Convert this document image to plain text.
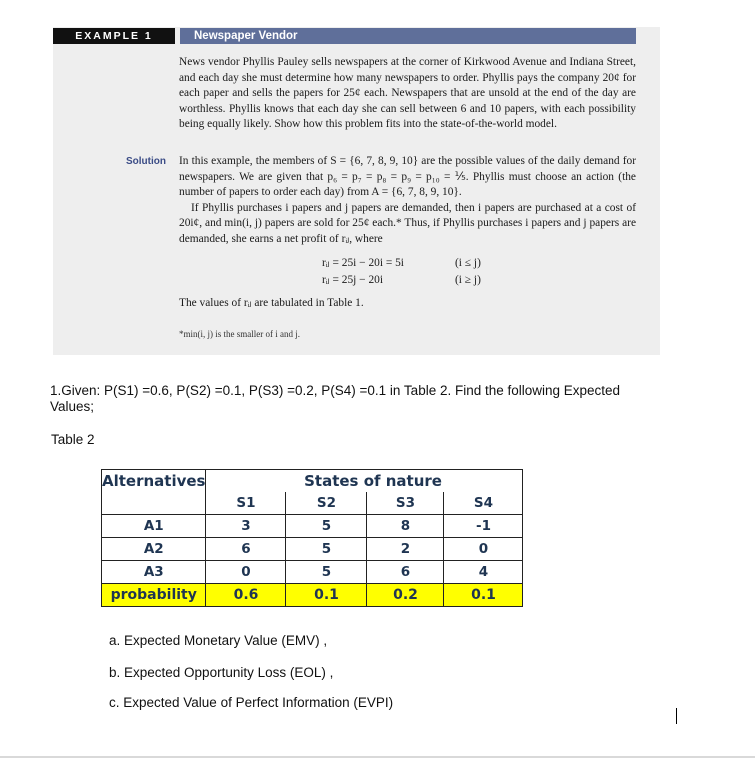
EXAMPLE 1	Newspaper Vendor
News vendor Phyllis Pauley sells newspapers at the corner of Kirkwood Avenue and Indiana Street, and each day she must determine how many newspapers to order. Phyllis pays the company 20¢ for each paper and sells the papers for 25¢ each. Newspapers that are unsold at the end of the day are worthless. Phyllis knows that each day she can sell between 6 and 10 papers, with each possibility being equally likely. Show how this problem fits into the state-of-the-world model.
Solution In this example, the members of S = {6, 7, 8, 9, 10} are the possible values of the daily demand for newspapers. We are given that p₆ = p₇ = p₈ = p₉ = p₁₀ = ⅕. Phyllis must choose an action (the number of papers to order each day) from A = {6, 7, 8, 9, 10}.

If Phyllis purchases i papers and j papers are demanded, then i papers are purchased at a cost of 20i¢, and min(i, j) papers are sold for 25¢ each.* Thus, if Phyllis purchases i papers and j papers are demanded, she earns a net profit of rᵢⱼ, where

rᵢⱼ = 25i − 20i = 5i	(i ≤ j)
rᵢⱼ = 25j − 20i	(i ≥ j)
The values of rᵢⱼ are tabulated in Table 1.
*min(i, j) is the smaller of i and j.
1.Given: P(S1) =0.6, P(S2) =0.1, P(S3) =0.2, P(S4) =0.1 in Table 2. Find the following Expected Values;
Table 2
Alternatives	States of nature			
	S1	S2	S3	S4
A1	3	5	8	-1
A2	6	5	2	0
A3	0	5	6	4
probability	0.6	0.1	0.2	0.1
a. Expected Monetary Value (EMV) ,
b. Expected Opportunity Loss (EOL) ,
c. Expected Value of Perfect Information (EVPI)
